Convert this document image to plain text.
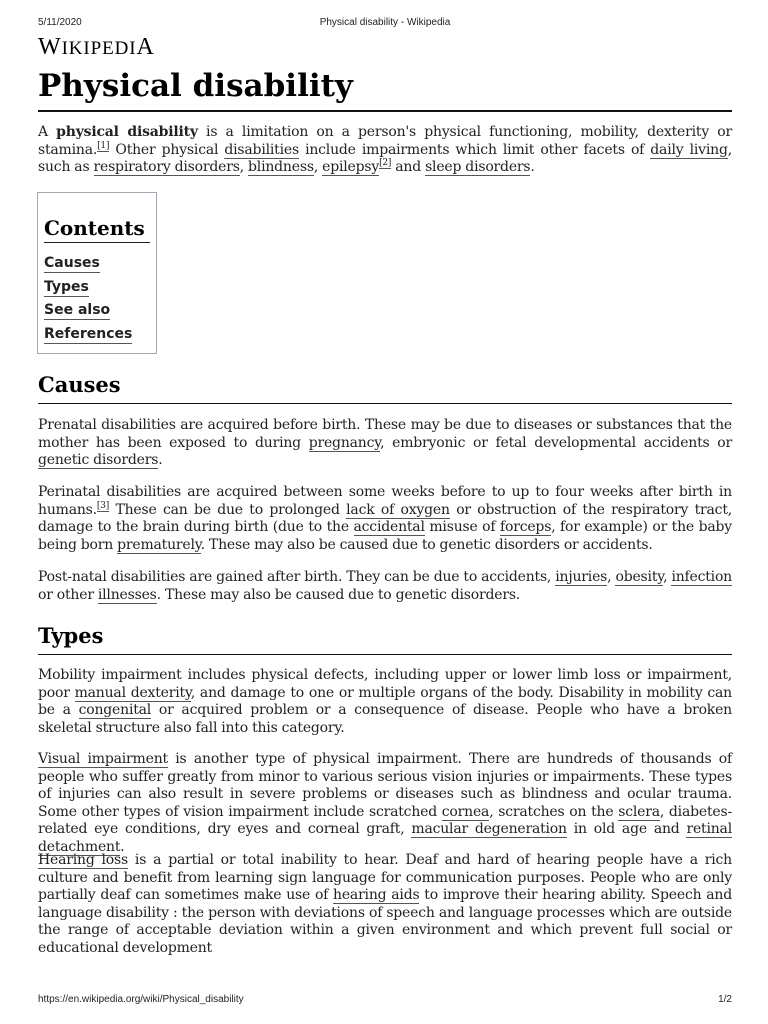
5/11/2020	Physical disability - Wikipedia
WIKIPEDIA
Physical disability

A physical disability is a limitation on a person's physical functioning, mobility, dexterity or stamina.[1] Other physical disabilities include impairments which limit other facets of daily living, such as respiratory disorders, blindness, epilepsy[2] and sleep disorders.

Contents
Causes
Types
See also
References
Causes

Prenatal disabilities are acquired before birth. These may be due to diseases or substances that the mother has been exposed to during pregnancy, embryonic or fetal developmental accidents or genetic disorders.

Perinatal disabilities are acquired between some weeks before to up to four weeks after birth in humans.[3] These can be due to prolonged lack of oxygen or obstruction of the respiratory tract, damage to the brain during birth (due to the accidental misuse of forceps, for example) or the baby being born prematurely. These may also be caused due to genetic disorders or accidents.

Post-natal disabilities are gained after birth. They can be due to accidents, injuries, obesity, infection or other illnesses. These may also be caused due to genetic disorders.

Types

Mobility impairment includes physical defects, including upper or lower limb loss or impairment, poor manual dexterity, and damage to one or multiple organs of the body. Disability in mobility can be a congenital or acquired problem or a consequence of disease. People who have a broken skeletal structure also fall into this category.

Visual impairment is another type of physical impairment. There are hundreds of thousands of people who suffer greatly from minor to various serious vision injuries or impairments. These types of injuries can also result in severe problems or diseases such as blindness and ocular trauma. Some other types of vision impairment include scratched cornea, scratches on the sclera, diabetes-related eye conditions, dry eyes and corneal graft, macular degeneration in old age and retinal detachment.

Hearing loss is a partial or total inability to hear. Deaf and hard of hearing people have a rich culture and benefit from learning sign language for communication purposes. People who are only partially deaf can sometimes make use of hearing aids to improve their hearing ability. Speech and language disability : the person with deviations of speech and language processes which are outside the range of acceptable deviation within a given environment and which prevent full social or educational development

https://en.wikipedia.org/wiki/Physical_disability	1/2
